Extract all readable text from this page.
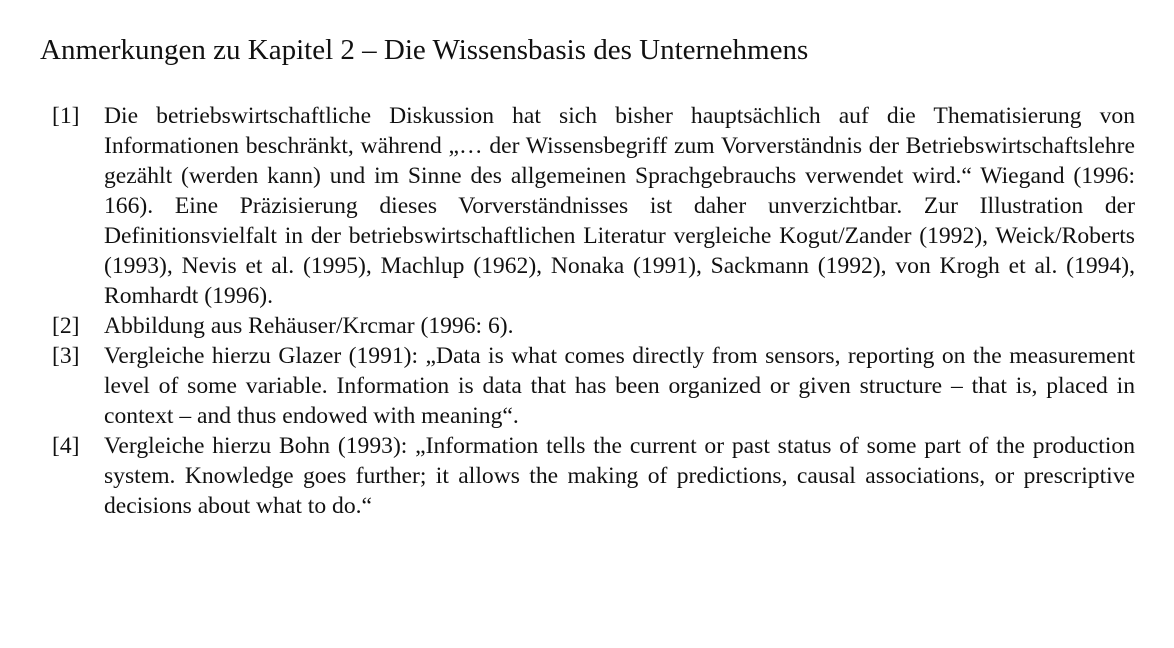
Anmerkungen zu Kapitel 2 – Die Wissensbasis des Unternehmens
[1]	Die betriebswirtschaftliche Diskussion hat sich bisher hauptsächlich auf die Thematisierung von Informationen beschränkt, während „… der Wissensbegriff zum Vorverständnis der Betriebswirtschaftslehre gezählt (werden kann) und im Sinne des allgemeinen Sprachgebrauchs verwendet wird.“ Wiegand (1996: 166). Eine Präzisierung dieses Vorverständnisses ist daher unverzichtbar. Zur Illustration der Definitionsvielfalt in der betriebswirtschaftlichen Literatur vergleiche Kogut/Zander (1992), Weick/Roberts (1993), Nevis et al. (1995), Machlup (1962), Nonaka (1991), Sackmann (1992), von Krogh et al. (1994), Romhardt (1996).
[2]	Abbildung aus Rehäuser/Krcmar (1996: 6).
[3]	Vergleiche hierzu Glazer (1991): „Data is what comes directly from sensors, reporting on the measurement level of some variable. Information is data that has been organized or given structure – that is, placed in context – and thus endowed with meaning“.
[4]	Vergleiche hierzu Bohn (1993): „Information tells the current or past status of some part of the production system. Knowledge goes further; it allows the making of predictions, causal associations, or prescriptive decisions about what to do.“
